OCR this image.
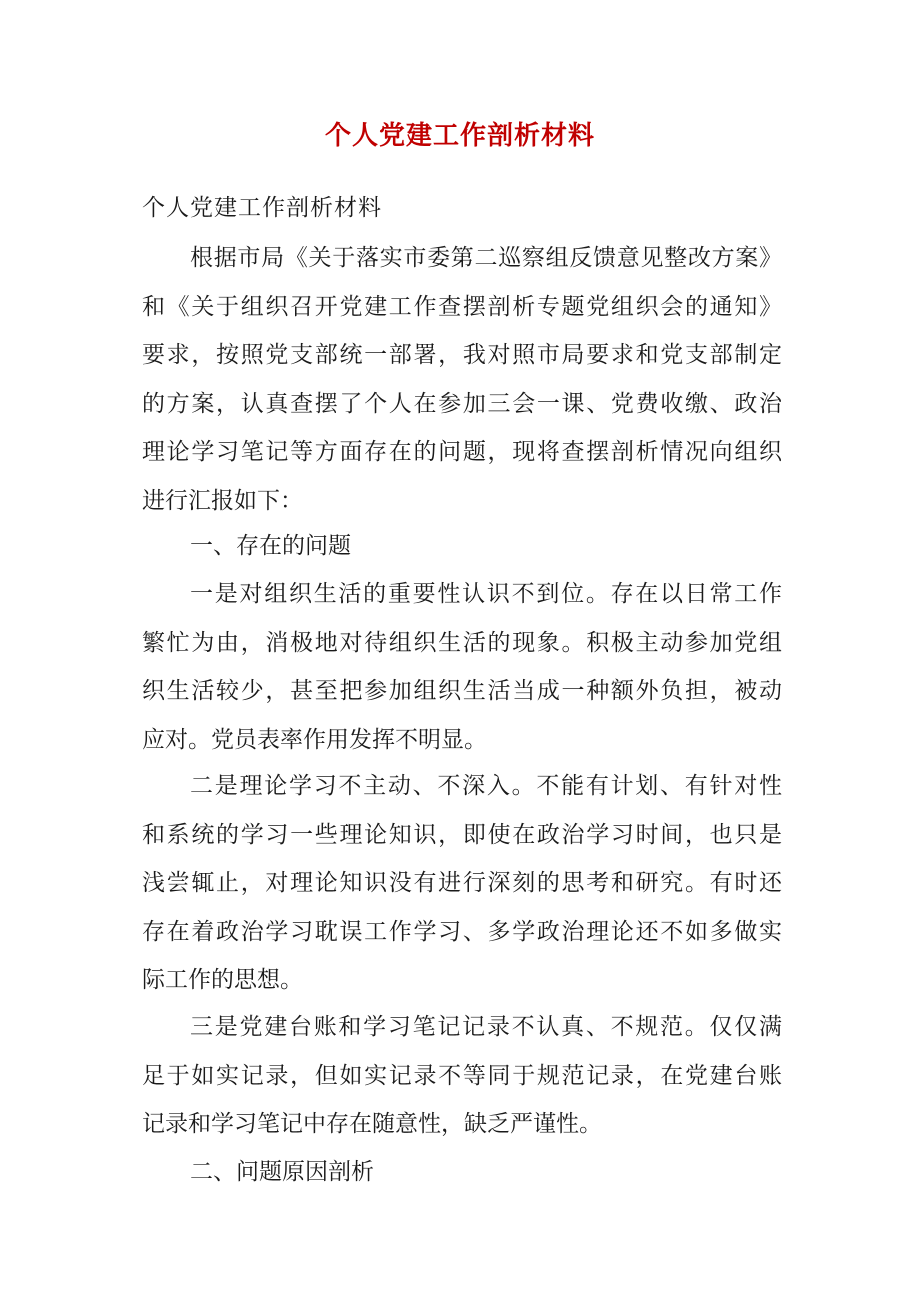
个人党建工作剖析材料
个人党建工作剖析材料
根据市局《关于落实市委第二巡察组反馈意见整改方案》
和《关于组织召开党建工作查摆剖析专题党组织会的通知》
要求，按照党支部统一部署，我对照市局要求和党支部制定
的方案，认真查摆了个人在参加三会一课、党费收缴、政治
理论学习笔记等方面存在的问题，现将查摆剖析情况向组织
进行汇报如下：
一、存在的问题
一是对组织生活的重要性认识不到位。存在以日常工作
繁忙为由，消极地对待组织生活的现象。积极主动参加党组
织生活较少，甚至把参加组织生活当成一种额外负担，被动
应对。党员表率作用发挥不明显。
二是理论学习不主动、不深入。不能有计划、有针对性
和系统的学习一些理论知识，即使在政治学习时间，也只是
浅尝辄止，对理论知识没有进行深刻的思考和研究。有时还
存在着政治学习耽误工作学习、多学政治理论还不如多做实
际工作的思想。
三是党建台账和学习笔记记录不认真、不规范。仅仅满
足于如实记录，但如实记录不等同于规范记录，在党建台账
记录和学习笔记中存在随意性，缺乏严谨性。
二、问题原因剖析
